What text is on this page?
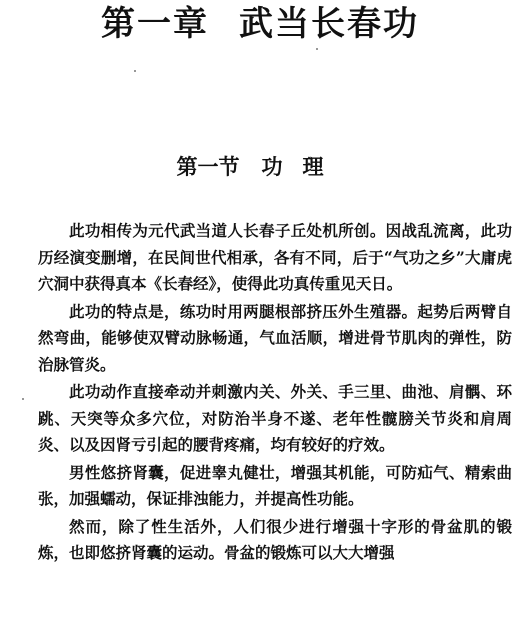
第一章 武当长春功
第一节 功理

此功相传为元代武当道人长春子丘处机所创。因战乱流离，此功历经演变删增，在民间世代相承，各有不同，后于“气功之乡”大庸虎穴洞中获得真本《长春经》，使得此功真传重见天日。

此功的特点是，练功时用两腿根部挤压外生殖器。起势后两臂自然弯曲，能够使双臂动脉畅通，气血活顺，增进骨节肌肉的弹性，防治脉管炎。

此功动作直接牵动并刺激内关、外关、手三里、曲池、肩髃、环跳、天突等众多穴位，对防治半身不遂、老年性髋膀关节炎和肩周炎、以及因肾亏引起的腰背疼痛，均有较好的疗效。

男性悠挤肾囊，促进睾丸健壮，增强其机能，可防疝气、精索曲张，加强蠕动，保证排浊能力，并提高性功能。

然而，除了性生活外，人们很少进行增强十字形的骨盆肌的锻炼，也即悠挤肾囊的运动。骨盆的锻炼可以大大增强
